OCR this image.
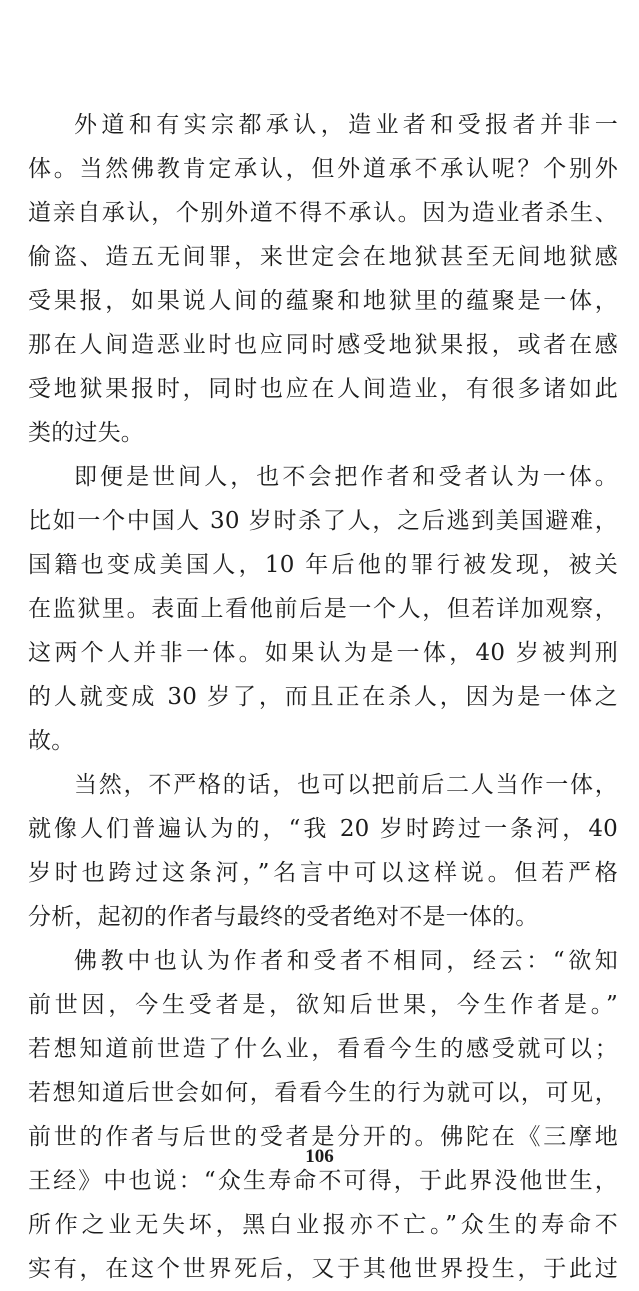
外道和有实宗都承认，造业者和受报者并非一
体。当然佛教肯定承认，但外道承不承认呢？个别外
道亲自承认，个别外道不得不承认。因为造业者杀生、
偷盗、造五无间罪，来世定会在地狱甚至无间地狱感
受果报，如果说人间的蕴聚和地狱里的蕴聚是一体，
那在人间造恶业时也应同时感受地狱果报，或者在感
受地狱果报时，同时也应在人间造业，有很多诸如此
类的过失。

即便是世间人，也不会把作者和受者认为一体。
比如一个中国人 30 岁时杀了人，之后逃到美国避难，
国籍也变成美国人，10 年后他的罪行被发现，被关
在监狱里。表面上看他前后是一个人，但若详加观察，
这两个人并非一体。如果认为是一体，40 岁被判刑
的人就变成 30 岁了，而且正在杀人，因为是一体之
故。

当然，不严格的话，也可以把前后二人当作一体，
就像人们普遍认为的，“我 20 岁时跨过一条河，40
岁时也跨过这条河，”名言中可以这样说。但若严格
分析，起初的作者与最终的受者绝对不是一体的。

佛教中也认为作者和受者不相同，经云：“欲知
前世因，今生受者是，欲知后世果，今生作者是。”
若想知道前世造了什么业，看看今生的感受就可以；
若想知道后世会如何，看看今生的行为就可以，可见，
前世的作者与后世的受者是分开的。佛陀在《三摩地
王经》中也说：“众生寿命不可得，于此界没他世生，
所作之业无失坏，黑白业报亦不亡。”众生的寿命不
实有，在这个世界死后，又于其他世界投生，于此过

106
